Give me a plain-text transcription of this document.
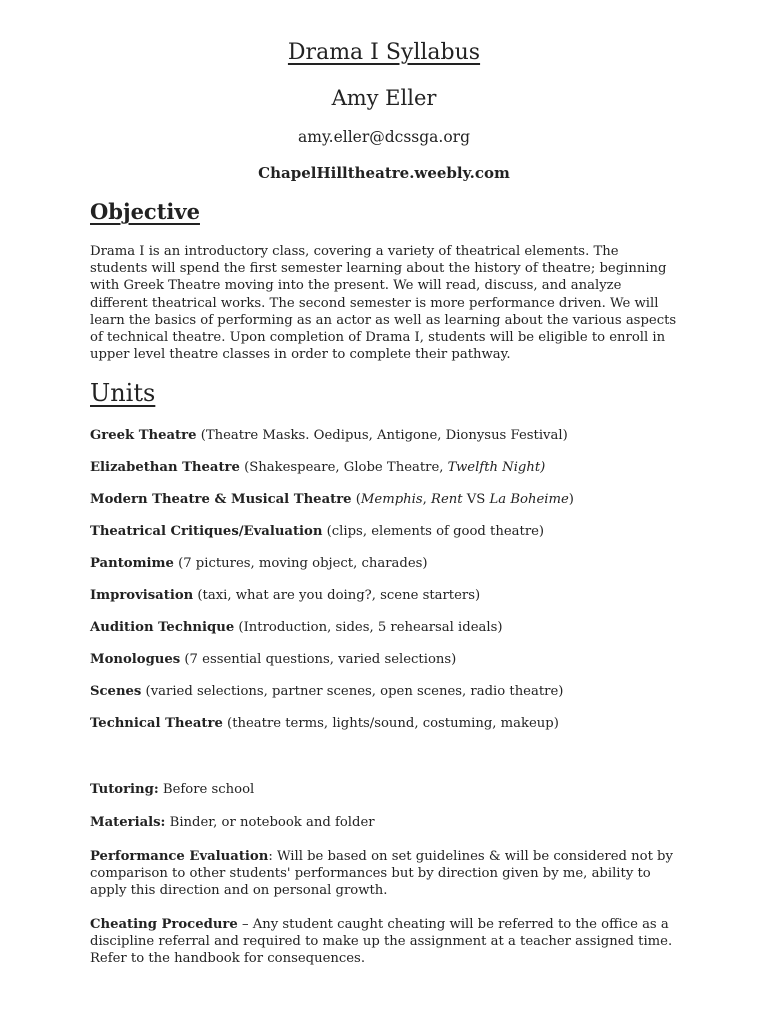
Drama I Syllabus
Amy Eller
amy.eller@dcssga.org
ChapelHilltheatre.weebly.com
Objective
Drama I is an introductory class, covering a variety of theatrical elements. The students will spend the first semester learning about the history of theatre; beginning with Greek Theatre moving into the present. We will read, discuss, and analyze different theatrical works. The second semester is more performance driven. We will learn the basics of performing as an actor as well as learning about the various aspects of technical theatre. Upon completion of Drama I, students will be eligible to enroll in upper level theatre classes in order to complete their pathway.
Units
Greek Theatre (Theatre Masks. Oedipus, Antigone, Dionysus Festival)
Elizabethan Theatre (Shakespeare, Globe Theatre, Twelfth Night)
Modern Theatre & Musical Theatre (Memphis, Rent VS La Boheime)
Theatrical Critiques/Evaluation (clips, elements of good theatre)
Pantomime (7 pictures, moving object, charades)
Improvisation (taxi, what are you doing?, scene starters)
Audition Technique (Introduction, sides, 5 rehearsal ideals)
Monologues (7 essential questions, varied selections)
Scenes (varied selections, partner scenes, open scenes, radio theatre)
Technical Theatre (theatre terms, lights/sound, costuming, makeup)
Tutoring: Before school
Materials: Binder, or notebook and folder
Performance Evaluation: Will be based on set guidelines & will be considered not by comparison to other students' performances but by direction given by me, ability to apply this direction and on personal growth.
Cheating Procedure – Any student caught cheating will be referred to the office as a discipline referral and required to make up the assignment at a teacher assigned time. Refer to the handbook for consequences.
